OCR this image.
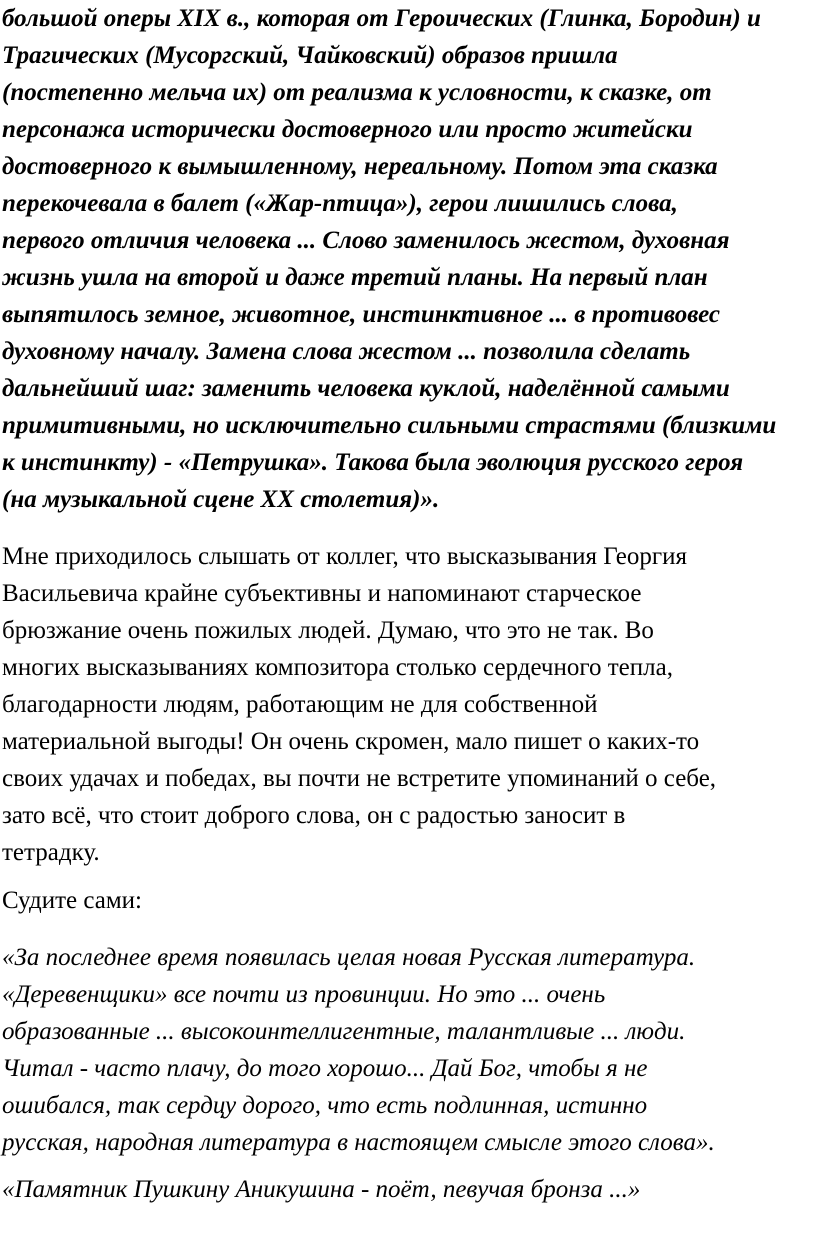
большой оперы XIX в., которая от Героических (Глинка, Бородин) и
Трагических (Мусоргский, Чайковский) образов пришла
(постепенно мельча их) от реализма к условности, к сказке, от
персонажа исторически достоверного или просто житейски
достоверного к вымышленному, нереальному. Потом эта сказка
перекочевала в балет («Жар-птица»), герои лишились слова,
первого отличия человека ... Слово заменилось жестом, духовная
жизнь ушла на второй и даже третий планы. На первый план
выпятилось земное, животное, инстинктивное ... в противовес
духовному началу. Замена слова жестом ... позволила сделать
дальнейший шаг: заменить человека куклой, наделённой самыми
примитивными, но исключительно сильными страстями (близкими
к инстинкту) - «Петрушка». Такова была эволюция русского героя
(на музыкальной сцене XX столетия)».

Мне приходилось слышать от коллег, что высказывания Георгия
Васильевича крайне субъективны и напоминают старческое
брюзжание очень пожилых людей. Думаю, что это не так. Во
многих высказываниях композитора столько сердечного тепла,
благодарности людям, работающим не для собственной
материальной выгоды! Он очень скромен, мало пишет о каких-то
своих удачах и победах, вы почти не встретите упоминаний о себе,
зато всё, что стоит доброго слова, он с радостью заносит в
тетрадку.

Судите сами:

«За последнее время появилась целая новая Русская литература.
«Деревенщики» все почти из провинции. Но это ... очень
образованные ... высокоинтеллигентные, талантливые ... люди.
Читал - часто плачу, до того хорошо... Дай Бог, чтобы я не
ошибался, так сердцу дорого, что есть подлинная, истинно
русская, народная литература в настоящем смысле этого слова».

«Памятник Пушкину Аникушина - поёт, певучая бронза ...»
